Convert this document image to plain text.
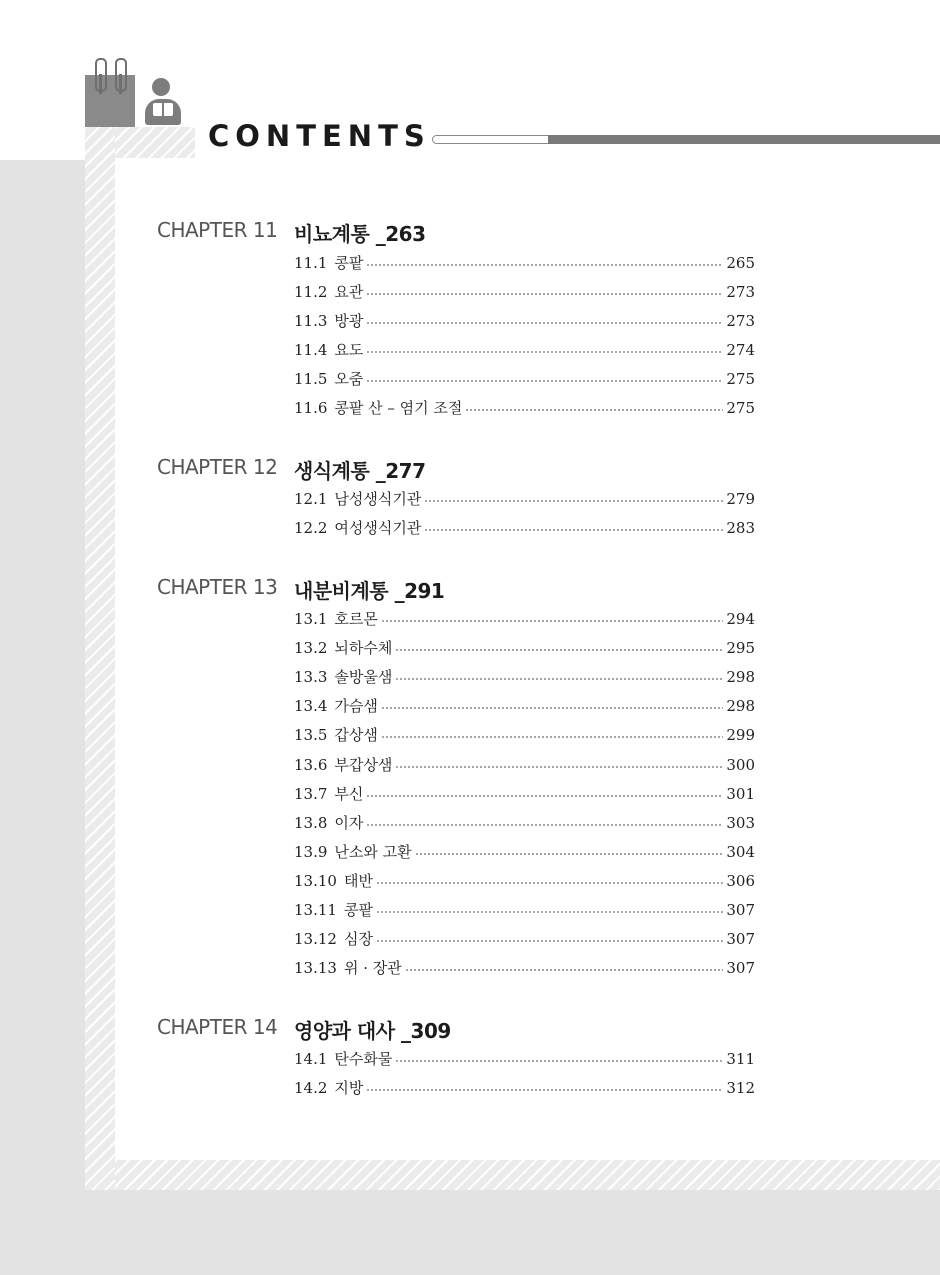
CONTENTS
CHAPTER 11 비뇨계통 _263
11.1 콩팥	265
11.2 요관	273
11.3 방광	273
11.4 요도	274
11.5 오줌	275
11.6 콩팥 산 – 염기 조절	275
CHAPTER 12 생식계통 _277
12.1 남성생식기관	279
12.2 여성생식기관	283
CHAPTER 13 내분비계통 _291
13.1 호르몬	294
13.2 뇌하수체	295
13.3 솔방울샘	298
13.4 가슴샘	298
13.5 갑상샘	299
13.6 부갑상샘	300
13.7 부신	301
13.8 이자	303
13.9 난소와 고환	304
13.10 태반	306
13.11 콩팥	307
13.12 심장	307
13.13 위 · 장관	307
CHAPTER 14 영양과 대사 _309
14.1 탄수화물	311
14.2 지방	312
